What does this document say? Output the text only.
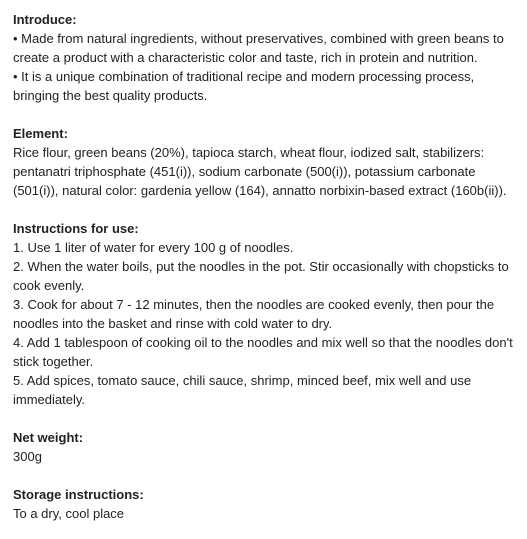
Introduce:

• Made from natural ingredients, without preservatives, combined with green beans to create a product with a characteristic color and taste, rich in protein and nutrition.
• It is a unique combination of traditional recipe and modern processing process, bringing the best quality products.

Element:

Rice flour, green beans (20%), tapioca starch, wheat flour, iodized salt, stabilizers: pentanatri triphosphate (451(i)), sodium carbonate (500(i)), potassium carbonate (501(i)), natural color: gardenia yellow (164), annatto norbixin-based extract (160b(ii)).

Instructions for use:

1. Use 1 liter of water for every 100 g of noodles.
2. When the water boils, put the noodles in the pot. Stir occasionally with chopsticks to cook evenly.
3. Cook for about 7 - 12 minutes, then the noodles are cooked evenly, then pour the noodles into the basket and rinse with cold water to dry.
4. Add 1 tablespoon of cooking oil to the noodles and mix well so that the noodles don't stick together.
5. Add spices, tomato sauce, chili sauce, shrimp, minced beef, mix well and use immediately.

Net weight:

300g

Storage instructions:

To a dry, cool place
